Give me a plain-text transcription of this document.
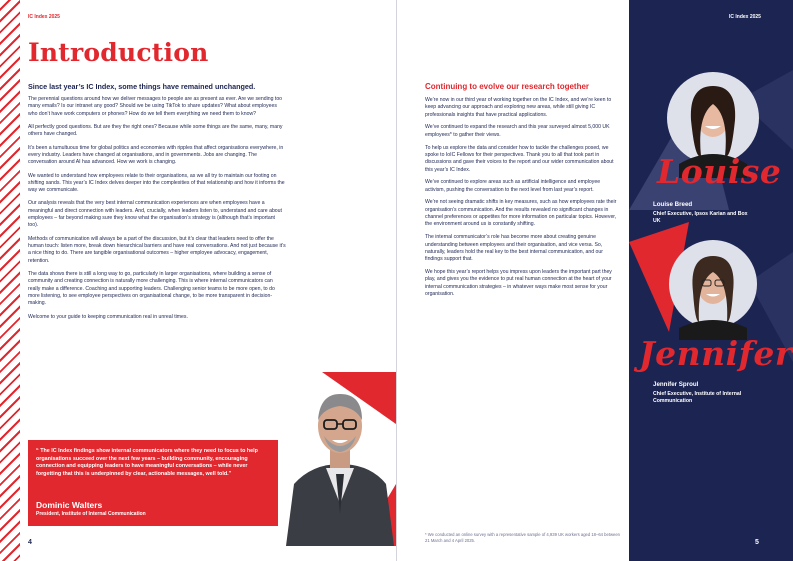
IC Index 2025
Introduction
Since last year’s IC Index, some things have remained unchanged.

The perennial questions around how we deliver messages to people are as present as ever. Are we sending too many emails? Is our intranet any good? Should we be using TikTok to share updates? What about employees who don’t have work computers or phones? How do we tell them everything we need them to know?

All perfectly good questions. But are they the right ones? Because while some things are the same, many, many others have changed.

It’s been a tumultuous time for global politics and economies with ripples that affect organisations everywhere, in every industry. Leaders have changed at organisations, and in governments. Jobs are changing. The conversation around AI has advanced. How we work is changing.

We wanted to understand how employees relate to their organisations, as we all try to maintain our footing on shifting sands. This year’s IC Index delves deeper into the complexities of that relationship and how it informs the way we communicate.

Our analysis reveals that the very best internal communication experiences are when employees have a meaningful and direct connection with leaders. And, crucially, when leaders listen to, understand and care about employees – far beyond making sure they know what the organisation’s strategy is (although that’s important too).

Methods of communication will always be a part of the discussion, but it’s clear that leaders need to offer the human touch: listen more, break down hierarchical barriers and have real conversations. And not just because it’s a nice thing to do. There are tangible organisational outcomes – higher employee advocacy, engagement, retention.

The data shows there is still a long way to go, particularly in larger organisations, where building a sense of community and creating connection is naturally more challenging. This is where internal communicators can really make a difference. Coaching and supporting leaders. Challenging senior teams to be more open, to do more listening, to see employee perspectives on organisational change, to be more transparent in decision-making.

Welcome to your guide to keeping communication real in unreal times.

“ The IC Index findings show internal communicators where they need to focus to help organisations succeed over the next few years – building community, encouraging connection and equipping leaders to have meaningful conversations – while never forgetting that this is underpinned by clear, actionable messages, well told.”
Dominic Walters
President, Institute of Internal Communication
4
Continuing to evolve our research together

We’re now in our third year of working together on the IC Index, and we’re keen to keep advancing our approach and exploring new areas, while still giving IC professionals insights that have practical applications.

We’ve continued to expand the research and this year surveyed almost 5,000 UK employees* to gather their views.

To help us explore the data and consider how to tackle the challenges posed, we spoke to IoIC Fellows for their perspectives. Thank you to all that took part in discussions and gave their voices to the report and our wider communication about this year’s IC Index.

We’ve continued to explore areas such as artificial intelligence and employee activism, pushing the conversation to the next level from last year’s report.

We’re not seeing dramatic shifts in key measures, such as how employees rate their organisation’s communication. And the results revealed no significant changes in channel preferences or appetites for more information on particular topics. However, the environment around us is constantly shifting.

The internal communicator’s role has become more about creating genuine understanding between employees and their organisation, and vice versa. So, naturally, leaders hold the real key to the best internal communication, and our findings support that.

We hope this year’s report helps you impress upon leaders the important part they play, and gives you the evidence to put real human connection at the heart of your internal communication strategies – in whatever ways make most sense for your organisation.

* We conducted an online survey with a representative sample of 4,939 UK workers aged 18–64 between 21 March and 4 April 2025.
IC Index 2025
Louise
Louise Breed
Chief Executive, Ipsos Karian and Box UK
Jennifer
Jennifer Sproul
Chief Executive, Institute of Internal Communication
5
